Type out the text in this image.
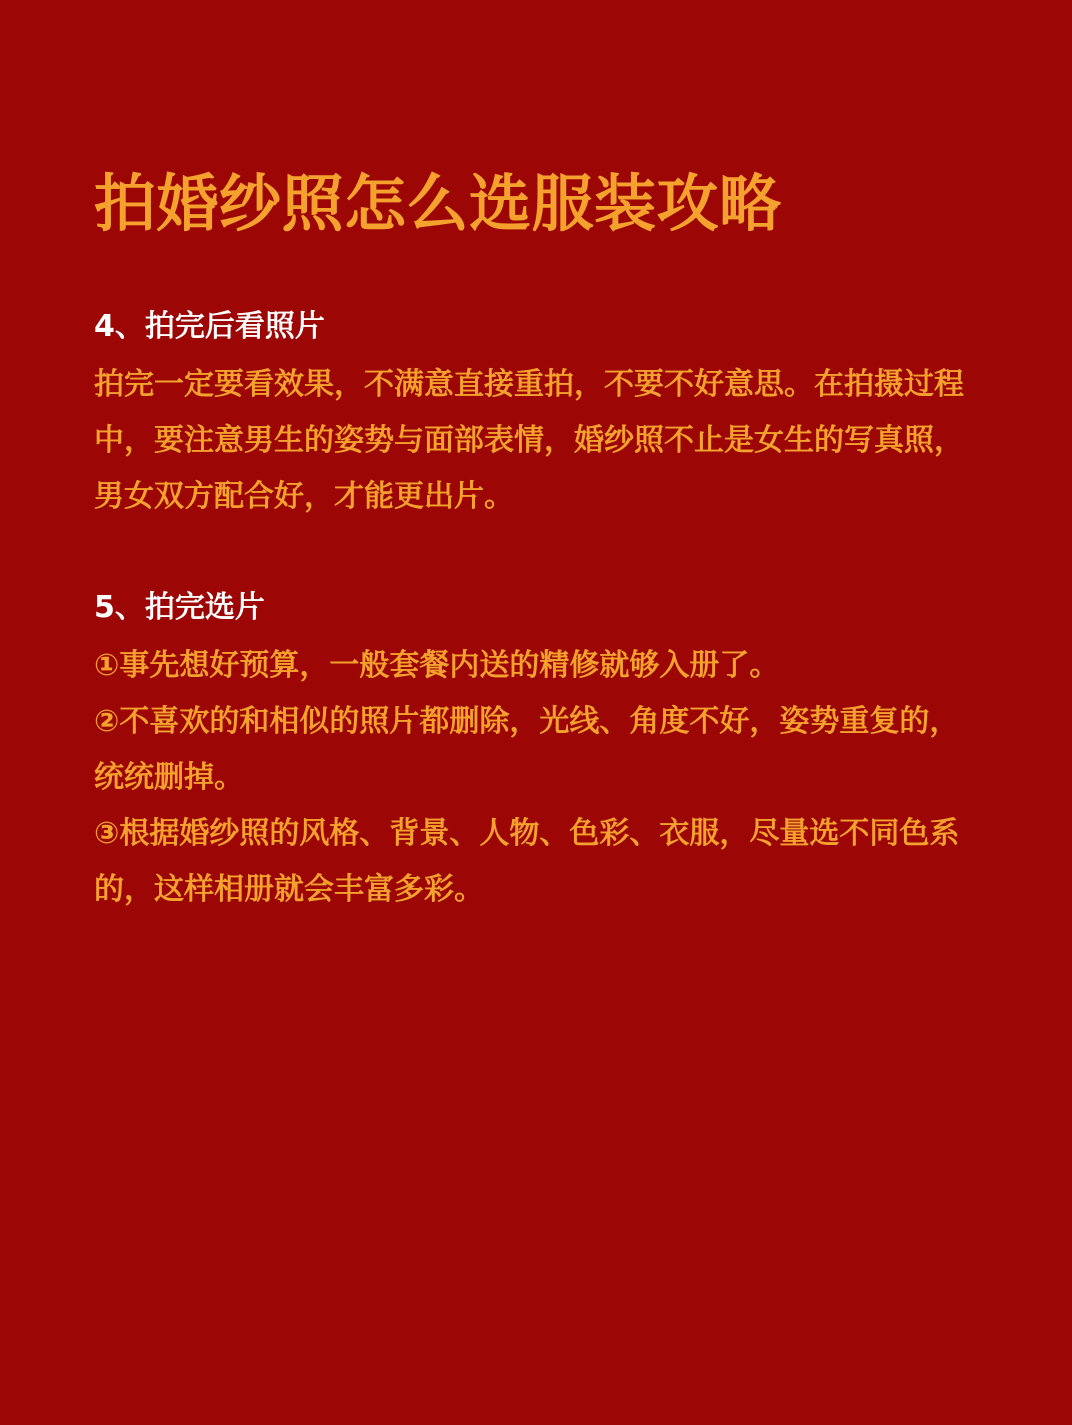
拍婚纱照怎么选服装攻略
4、拍完后看照片

拍完一定要看效果，不满意直接重拍，不要不好意思。在拍摄过程中，要注意男生的姿势与面部表情，婚纱照不止是女生的写真照，男女双方配合好，才能更出片。

5、拍完选片

①事先想好预算，一般套餐内送的精修就够入册了。

②不喜欢的和相似的照片都删除，光线、角度不好，姿势重复的，统统删掉。

③根据婚纱照的风格、背景、人物、色彩、衣服，尽量选不同色系的，这样相册就会丰富多彩。
